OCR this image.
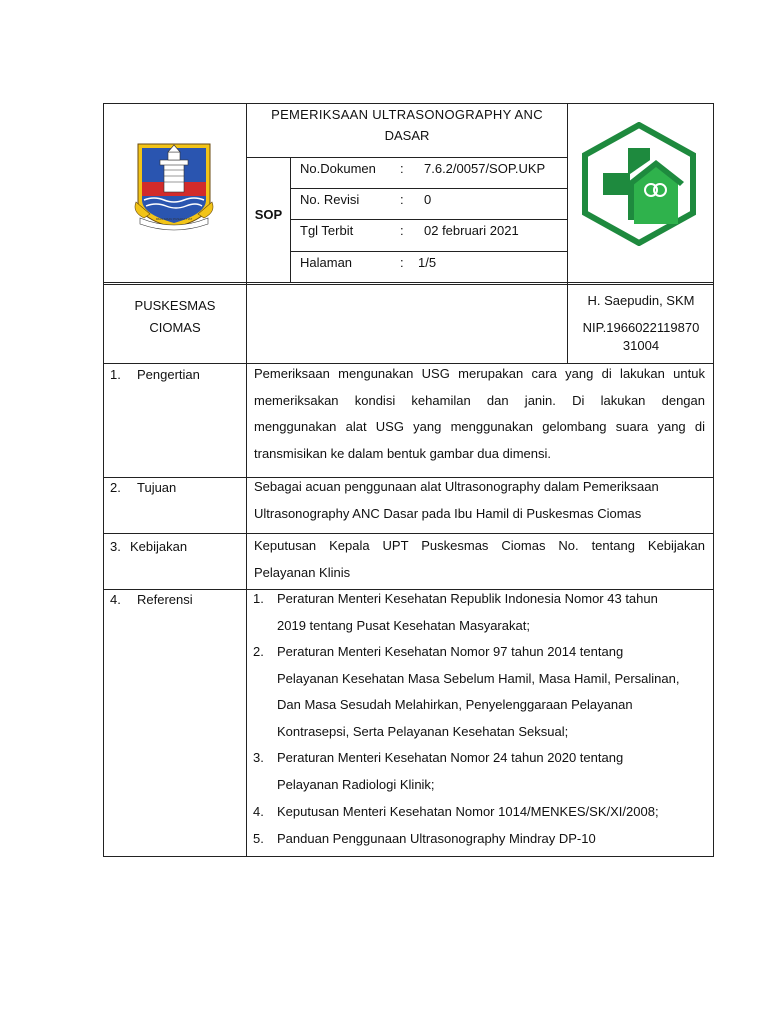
IMAN MAJU PUSAKA TIAT
PEMERIKSAAN ULTRASONOGRAPHY ANC
DASAR
SOP
No.Dokumen : 7.6.2/0057/SOP.UKP
No. Revisi	: 0
Tgl Terbit	: 02 februari 2021
Halaman	: 1/5
PUSKESMAS
CIOMAS
H. Saepudin, SKM
NIP.1966022119870
31004
1. Pengertian	Pemeriksaan mengunakan USG merupakan cara yang di lakukan untuk
memeriksakan kondisi kehamilan dan janin. Di lakukan dengan
menggunakan alat USG yang menggunakan gelombang suara yang di
transmisikan ke dalam bentuk gambar dua dimensi.
2. Tujuan	Sebagai acuan penggunaan alat Ultrasonography dalam Pemeriksaan
Ultrasonography ANC Dasar pada Ibu Hamil di Puskesmas Ciomas
3. Kebijakan	Keputusan Kepala UPT Puskesmas Ciomas No. tentang Kebijakan
Pelayanan Klinis
4. Referensi	1. Peraturan Menteri Kesehatan Republik Indonesia Nomor 43 tahun
2019 tentang Pusat Kesehatan Masyarakat;
2. Peraturan Menteri Kesehatan Nomor 97 tahun 2014 tentang
Pelayanan Kesehatan Masa Sebelum Hamil, Masa Hamil, Persalinan,
Dan Masa Sesudah Melahirkan, Penyelenggaraan Pelayanan
Kontrasepsi, Serta Pelayanan Kesehatan Seksual;
3. Peraturan Menteri Kesehatan Nomor 24 tahun 2020 tentang
Pelayanan Radiologi Klinik;
4. Keputusan Menteri Kesehatan Nomor 1014/MENKES/SK/XI/2008;
5. Panduan Penggunaan Ultrasonography Mindray DP-10
